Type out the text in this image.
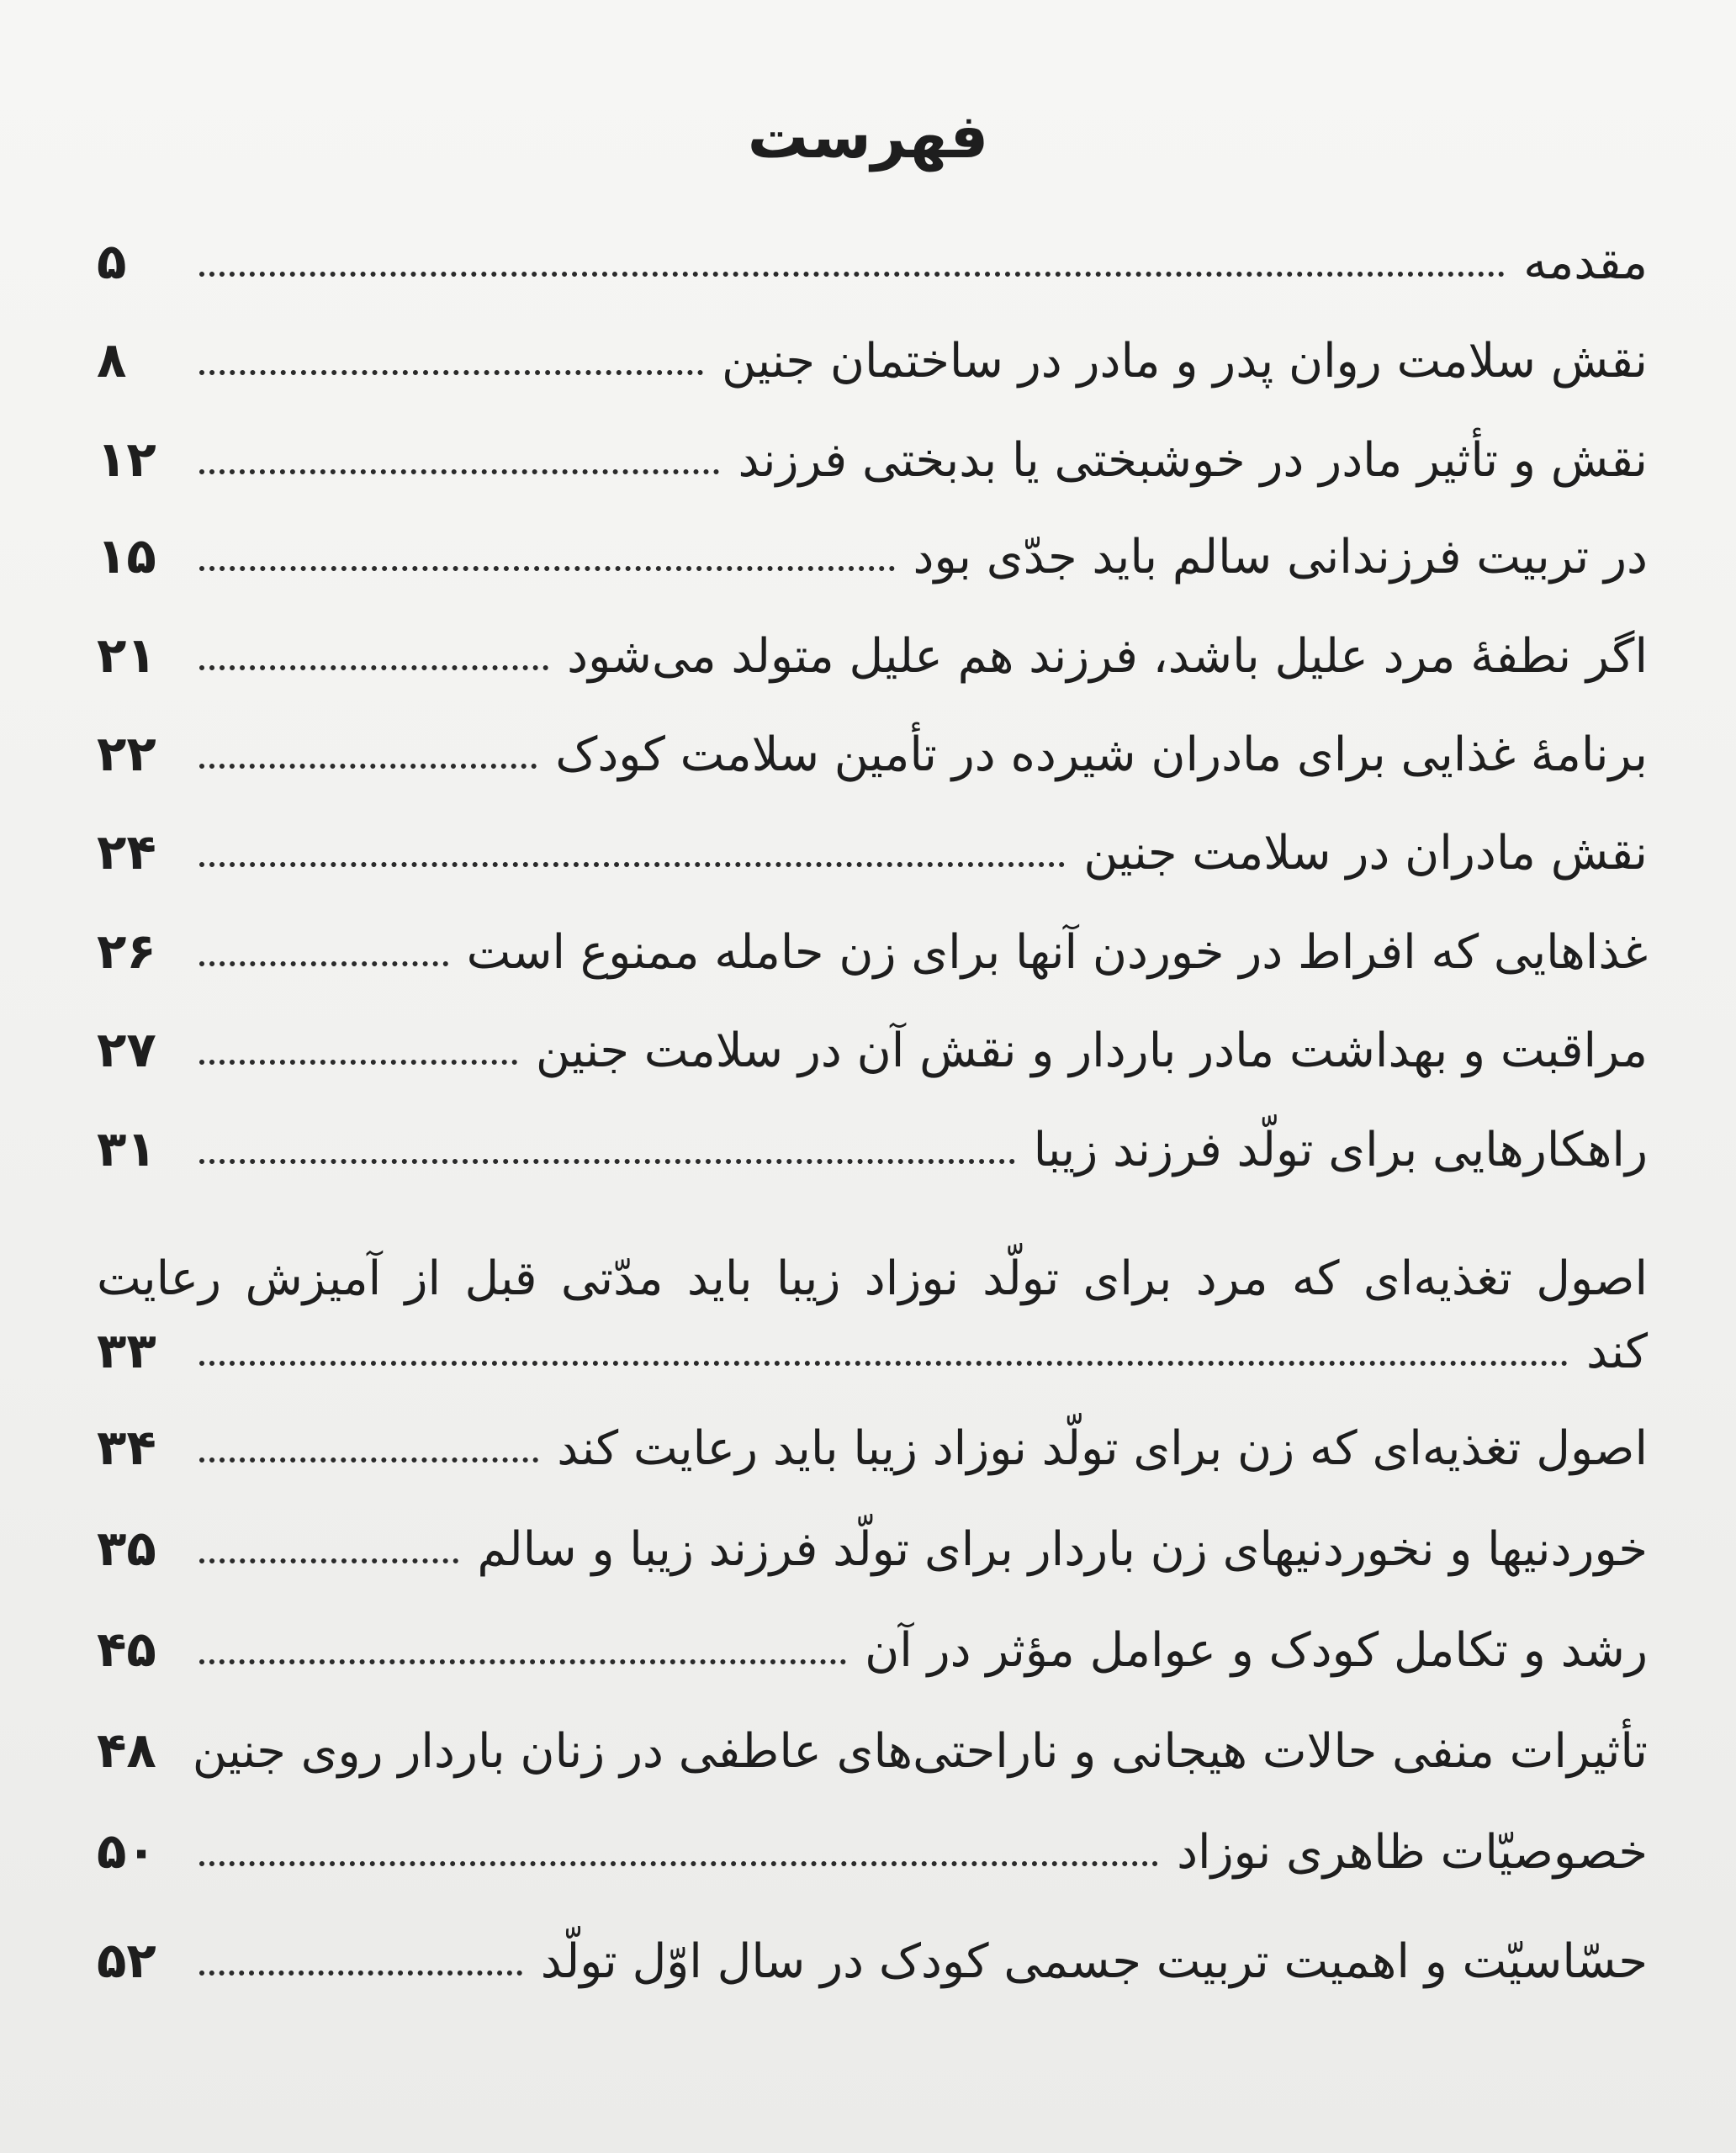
فهرست
مقدمه
۵
نقش سلامت روان پدر و مادر در ساختمان جنین
۸
نقش و تأثیر مادر در خوشبختی یا بدبختی فرزند
۱۲
در تربیت فرزندانی سالم باید جدّی بود
۱۵
اگر نطفهٔ مرد علیل باشد، فرزند هم علیل متولد می‌شود
۲۱
برنامهٔ غذایی برای مادران شیرده در تأمین سلامت کودک
۲۲
نقش مادران در سلامت جنین
۲۴
غذاهایی که افراط در خوردن آنها برای زن حامله ممنوع است
۲۶
مراقبت و بهداشت مادر باردار و نقش آن در سلامت جنین
۲۷
راهکارهایی برای تولّد فرزند زیبا
۳۱
اصول تغذیه‌ای که مرد برای تولّد نوزاد زیبا باید مدّتی قبل از آمیزش رعایت
کند
۳۳
اصول تغذیه‌ای که زن برای تولّد نوزاد زیبا باید رعایت کند
۳۴
خوردنیها و نخوردنیهای زن باردار برای تولّد فرزند زیبا و سالم
۳۵
رشد و تکامل کودک و عوامل مؤثر در آن
۴۵
تأثیرات منفی حالات هیجانی و ناراحتی‌های عاطفی در زنان باردار روی جنین
۴۸
خصوصیّات ظاهری نوزاد
۵۰
حسّاسیّت و اهمیت تربیت جسمی کودک در سال اوّل تولّد
۵۲
